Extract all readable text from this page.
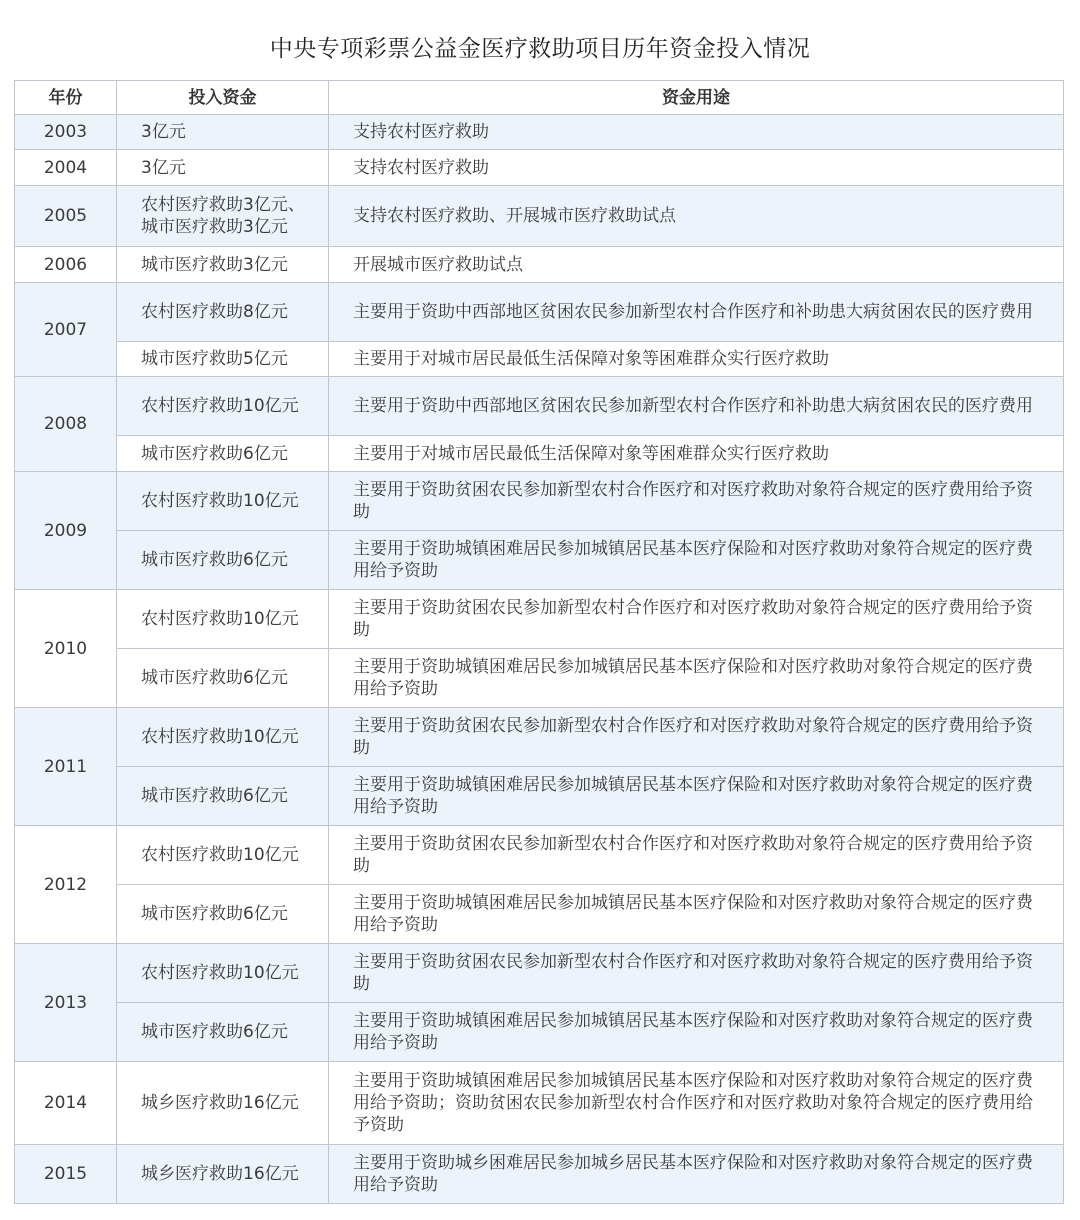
中央专项彩票公益金医疗救助项目历年资金投入情况
年份	投入资金	资金用途
2003	3亿元	支持农村医疗救助
2004	3亿元	支持农村医疗救助
2005	农村医疗救助3亿元、城市医疗救助3亿元	支持农村医疗救助、开展城市医疗救助试点
2006	城市医疗救助3亿元	开展城市医疗救助试点
2007	农村医疗救助8亿元	主要用于资助中西部地区贫困农民参加新型农村合作医疗和补助患大病贫困农民的医疗费用
	城市医疗救助5亿元	主要用于对城市居民最低生活保障对象等困难群众实行医疗救助
2008	农村医疗救助10亿元	主要用于资助中西部地区贫困农民参加新型农村合作医疗和补助患大病贫困农民的医疗费用
	城市医疗救助6亿元	主要用于对城市居民最低生活保障对象等困难群众实行医疗救助
2009	农村医疗救助10亿元	主要用于资助贫困农民参加新型农村合作医疗和对医疗救助对象符合规定的医疗费用给予资助
	城市医疗救助6亿元	主要用于资助城镇困难居民参加城镇居民基本医疗保险和对医疗救助对象符合规定的医疗费用给予资助
2010	农村医疗救助10亿元	主要用于资助贫困农民参加新型农村合作医疗和对医疗救助对象符合规定的医疗费用给予资助
	城市医疗救助6亿元	主要用于资助城镇困难居民参加城镇居民基本医疗保险和对医疗救助对象符合规定的医疗费用给予资助
2011	农村医疗救助10亿元	主要用于资助贫困农民参加新型农村合作医疗和对医疗救助对象符合规定的医疗费用给予资助
	城市医疗救助6亿元	主要用于资助城镇困难居民参加城镇居民基本医疗保险和对医疗救助对象符合规定的医疗费用给予资助
2012	农村医疗救助10亿元	主要用于资助贫困农民参加新型农村合作医疗和对医疗救助对象符合规定的医疗费用给予资助
	城市医疗救助6亿元	主要用于资助城镇困难居民参加城镇居民基本医疗保险和对医疗救助对象符合规定的医疗费用给予资助
2013	农村医疗救助10亿元	主要用于资助贫困农民参加新型农村合作医疗和对医疗救助对象符合规定的医疗费用给予资助
	城市医疗救助6亿元	主要用于资助城镇困难居民参加城镇居民基本医疗保险和对医疗救助对象符合规定的医疗费用给予资助
2014	城乡医疗救助16亿元	主要用于资助城镇困难居民参加城镇居民基本医疗保险和对医疗救助对象符合规定的医疗费用给予资助；资助贫困农民参加新型农村合作医疗和对医疗救助对象符合规定的医疗费用给予资助
2015	城乡医疗救助16亿元	主要用于资助城乡困难居民参加城乡居民基本医疗保险和对医疗救助对象符合规定的医疗费用给予资助
